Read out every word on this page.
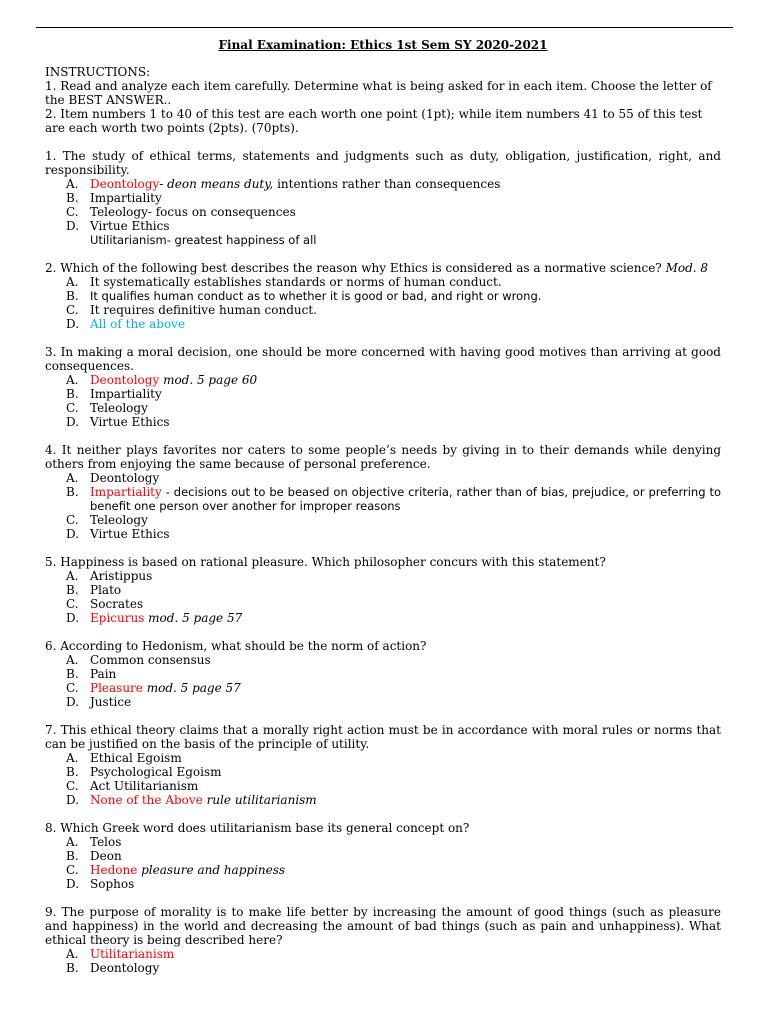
Final Examination: Ethics 1st Sem SY 2020-2021

INSTRUCTIONS:

1. Read and analyze each item carefully. Determine what is being asked for in each item. Choose the letter of the BEST ANSWER..

2. Item numbers 1 to 40 of this test are each worth one point (1pt); while item numbers 41 to 55 of this test are each worth two points (2pts). (70pts).

1. The study of ethical terms, statements and judgments such as duty, obligation, justification, right, and responsibility.

A. Deontology- deon means duty, intentions rather than consequences
B. Impartiality
C. Teleology- focus on consequences
D. Virtue Ethics
Utilitarianism- greatest happiness of all

2. Which of the following best describes the reason why Ethics is considered as a normative science? Mod. 8

A. It systematically establishes standards or norms of human conduct.
B. It qualifies human conduct as to whether it is good or bad, and right or wrong.
C. It requires definitive human conduct.
D. All of the above

3. In making a moral decision, one should be more concerned with having good motives than arriving at good consequences.

A. Deontology mod. 5 page 60
B. Impartiality
C. Teleology
D. Virtue Ethics

4. It neither plays favorites nor caters to some people’s needs by giving in to their demands while denying others from enjoying the same because of personal preference.

A. Deontology
B. Impartiality - decisions out to be beased on objective criteria, rather than of bias, prejudice, or preferring to benefit one person over another for improper reasons
C. Teleology
D. Virtue Ethics

5. Happiness is based on rational pleasure. Which philosopher concurs with this statement?

A. Aristippus
B. Plato
C. Socrates
D. Epicurus mod. 5 page 57

6. According to Hedonism, what should be the norm of action?

A. Common consensus
B. Pain
C. Pleasure mod. 5 page 57
D. Justice

7. This ethical theory claims that a morally right action must be in accordance with moral rules or norms that can be justified on the basis of the principle of utility.

A. Ethical Egoism
B. Psychological Egoism
C. Act Utilitarianism
D. None of the Above rule utilitarianism

8. Which Greek word does utilitarianism base its general concept on?

A. Telos
B. Deon
C. Hedone pleasure and happiness
D. Sophos

9. The purpose of morality is to make life better by increasing the amount of good things (such as pleasure and happiness) in the world and decreasing the amount of bad things (such as pain and unhappiness). What ethical theory is being described here?

A. Utilitarianism
B. Deontology
